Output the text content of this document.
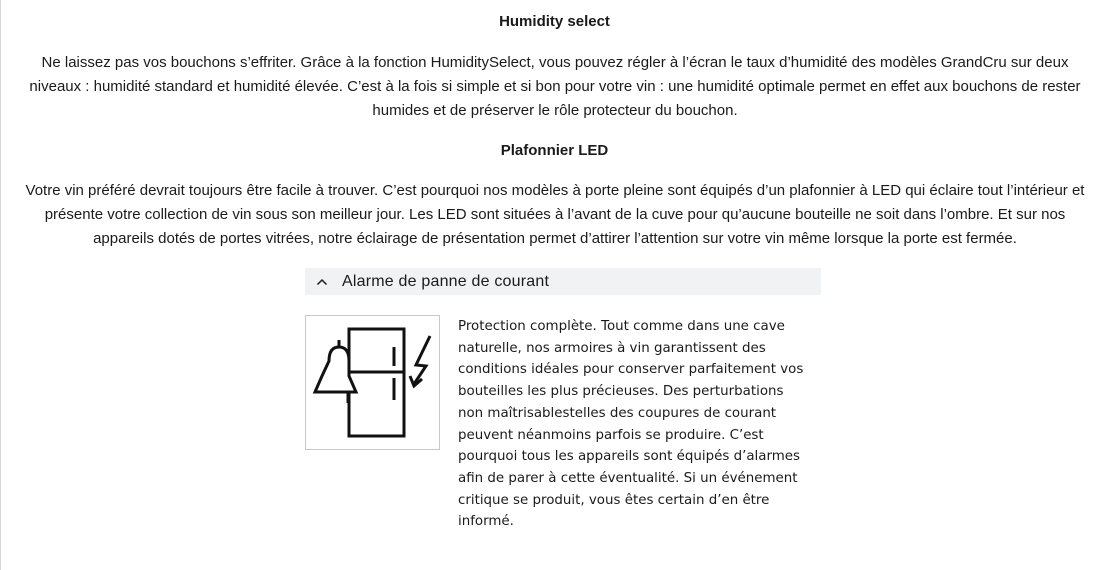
Humidity select

Ne laissez pas vos bouchons s’effriter. Grâce à la fonction HumiditySelect, vous pouvez régler à l’écran le taux d’humidité des modèles GrandCru sur deux niveaux : humidité standard et humidité élevée. C’est à la fois si simple et si bon pour votre vin : une humidité optimale permet en effet aux bouchons de rester humides et de préserver le rôle protecteur du bouchon.

Plafonnier LED

Votre vin préféré devrait toujours être facile à trouver. C’est pourquoi nos modèles à porte pleine sont équipés d’un plafonnier à LED qui éclaire tout l’intérieur et présente votre collection de vin sous son meilleur jour. Les LED sont situées à l’avant de la cuve pour qu’aucune bouteille ne soit dans l’ombre. Et sur nos appareils dotés de portes vitrées, notre éclairage de présentation permet d’attirer l’attention sur votre vin même lorsque la porte est fermée.

Alarme de panne de courant

Protection complète. Tout comme dans une cave naturelle, nos armoires à vin garantissent des conditions idéales pour conserver parfaitement vos bouteilles les plus précieuses. Des perturbations non maîtrisablestelles des coupures de courant peuvent néanmoins parfois se produire. C’est pourquoi tous les appareils sont équipés d’alarmes afin de parer à cette éventualité. Si un événement critique se produit, vous êtes certain d’en être informé.
